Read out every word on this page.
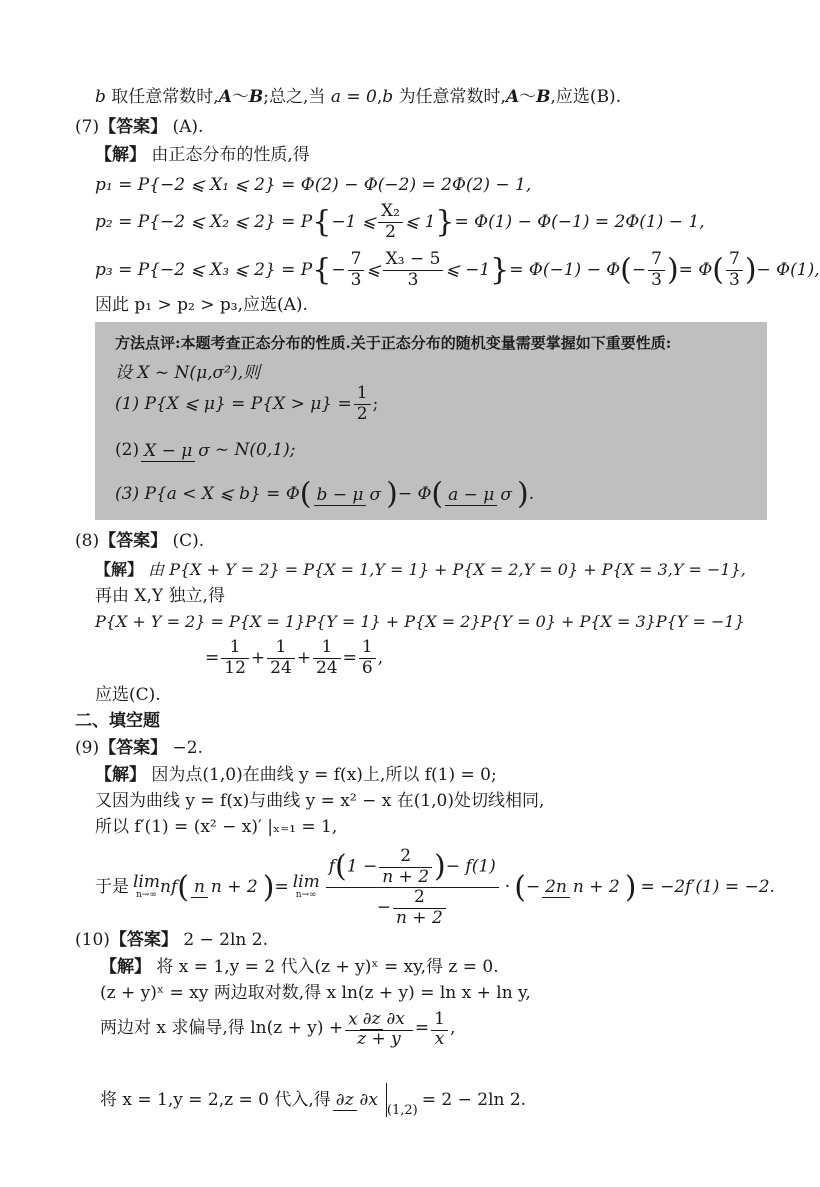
b 取任意常数时,A～B;总之,当 a = 0,b 为任意常数时,A～B,应选(B).
(7)【答案】 (A).
【解】 由正态分布的性质,得
p₁ = P{−2 ⩽ X₁ ⩽ 2} = Φ(2) − Φ(−2) = 2Φ(2) − 1,
p₂ = P{−2 ⩽ X₂ ⩽ 2} = P{−1 ⩽ $\frac{\text{X₂}}{2}$ ⩽ 1}= Φ(1) − Φ(−1) = 2Φ(1) − 1,
p₃ = P{−2 ⩽ X₃ ⩽ $2\} = P\{- \frac{7}{3}$ ⩽ $\frac{\text{X₃ − 5}}{3}$ ⩽ $-1\}= \Phi(-1) - \Phi(- \frac{7}{3}$ )= $\Phi( \frac{7}{3}$ )− Φ(1),
因此 p₁ > p₂ > p₃,应选(A).
方法点评:本题考查正态分布的性质.关于正态分布的随机变量需要掌握如下重要性质:
设 X ~ N(μ,σ²),则
(1) P{X ⩽ $\mu\} = P\{X > \mu\} = \frac{1}{2}$ ;
(2) X − μ σ ~ N(0,1);
(3) P{a < X ⩽ b} = Φ( b − μ σ )− Φ( a − μ σ ).
(8)【答案】 (C).
【解】 由 P{X + Y = 2} = P{X = 1,Y = 1} + P{X = 2,Y = 0} + P{X = 3,Y = −1},
再由 X,Y 独立,得
P{X + Y = 2} = P{X = 1}P{Y = 1} + P{X = 2}P{Y = 0} + P{X = 3}P{Y = −1}
= $\frac{1}{12} + \frac{1}{24} + \frac{1}{24} = \frac{1}{6}$ ,
应选(C).
二、填空题
(9)【答案】 −2.
【解】 因为点(1,0)在曲线 y = f(x)上,所以 f(1) = 0;
又因为曲线 y = f(x)与曲线 y = x² − x 在(1,0)处切线相同,
所以 f′(1) = (x² − x)′ |ₓ₌₁ = 1,
于是 lim
n→∞ nf ( n n + 2 ) = lim
$n\to\infty \frac{f(1 - \frac{2}{n + 2})- f(1)}{- \frac{2}{n + 2}}$ · ( − 2n n + 2 ) = −2f′(1) = −2.
(10)【答案】 2 − 2ln 2.
【解】 将 x = 1,y = 2 代入(z + y)ˣ = xy,得 z = 0.
(z + y)ˣ = xy 两边取对数,得 x ln(z + y) = ln x + ln y,
两边对 x 求偏导,得 $\ln(z + y) + \frac{x \partial z \partial x}{z + y} = \frac{1}{x}$ ,
将 x = 1,y = 2,z = 0 代入,得 ∂z ∂x
(1,2)
= 2 − 2ln 2.
